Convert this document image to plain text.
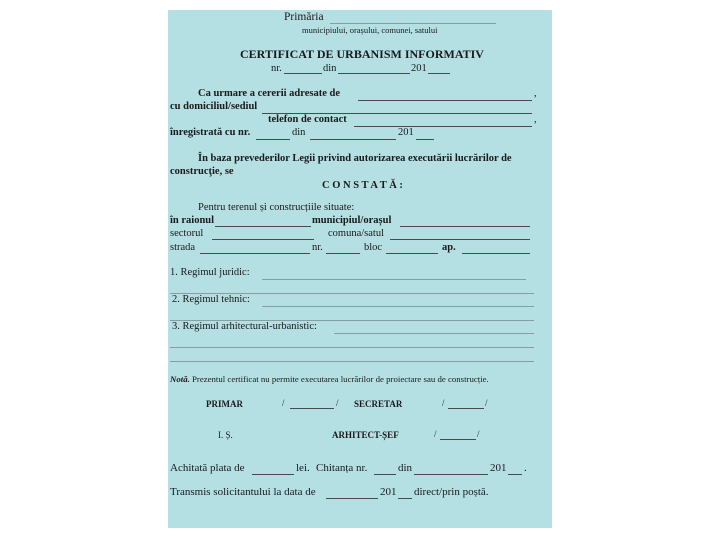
Primăria
municipiului, orașului, comunei, satului
CERTIFICAT DE URBANISM INFORMATIV
nr.	din	201
Ca urmare a cererii adresate de	,
cu domiciliul/sediul
telefon de contact	,
înregistrată cu nr.	din	201
În baza prevederilor Legii privind autorizarea executării lucrărilor de
construcţie, se
C O N S T A T Ă :
Pentru terenul și construcțiile situate:
în raionul	municipiul/orașul
sectorul	comuna/satul
strada	nr.	bloc	ap.
1. Regimul juridic:
2. Regimul tehnic:
3. Regimul arhitectural-urbanistic:
Notă. Prezentul certificat nu permite executarea lucrărilor de proiectare sau de construcție.
PRIMAR	/	/ SECRETAR	/	/
I. Ș.	ARHITECT-ȘEF	/	/
Achitată plata de	lei. Chitanța nr.	din	201 .
Transmis solicitantului la data de	201 direct/prin poștă.
